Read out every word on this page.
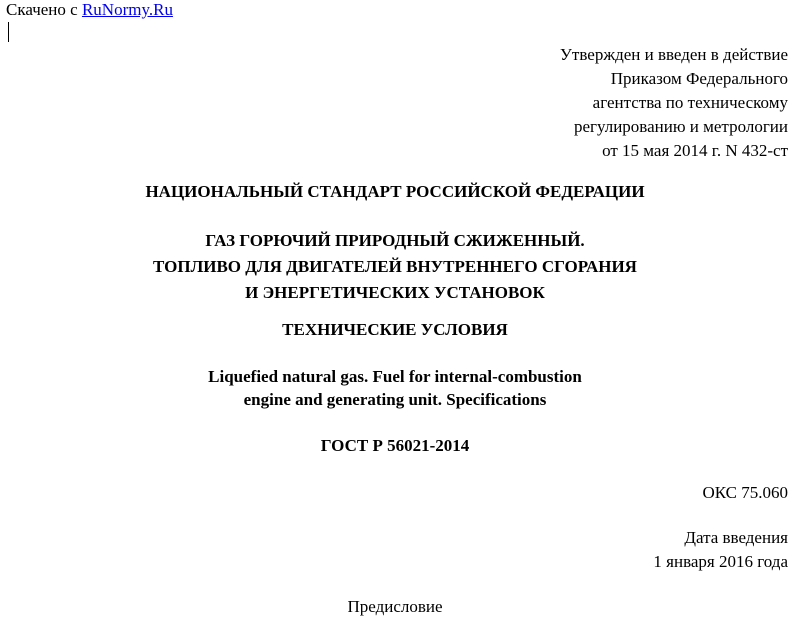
Скачено с RuNormy.Ru
Утвержден и введен в действие
Приказом Федерального
агентства по техническому
регулированию и метрологии
от 15 мая 2014 г. N 432-ст
НАЦИОНАЛЬНЫЙ СТАНДАРТ РОССИЙСКОЙ ФЕДЕРАЦИИ
ГАЗ ГОРЮЧИЙ ПРИРОДНЫЙ СЖИЖЕННЫЙ.
ТОПЛИВО ДЛЯ ДВИГАТЕЛЕЙ ВНУТРЕННЕГО СГОРАНИЯ
И ЭНЕРГЕТИЧЕСКИХ УСТАНОВОК
ТЕХНИЧЕСКИЕ УСЛОВИЯ
Liquefied natural gas. Fuel for internal-combustion
engine and generating unit. Specifications
ГОСТ Р 56021-2014
ОКС 75.060
Дата введения
1 января 2016 года
Предисловие
